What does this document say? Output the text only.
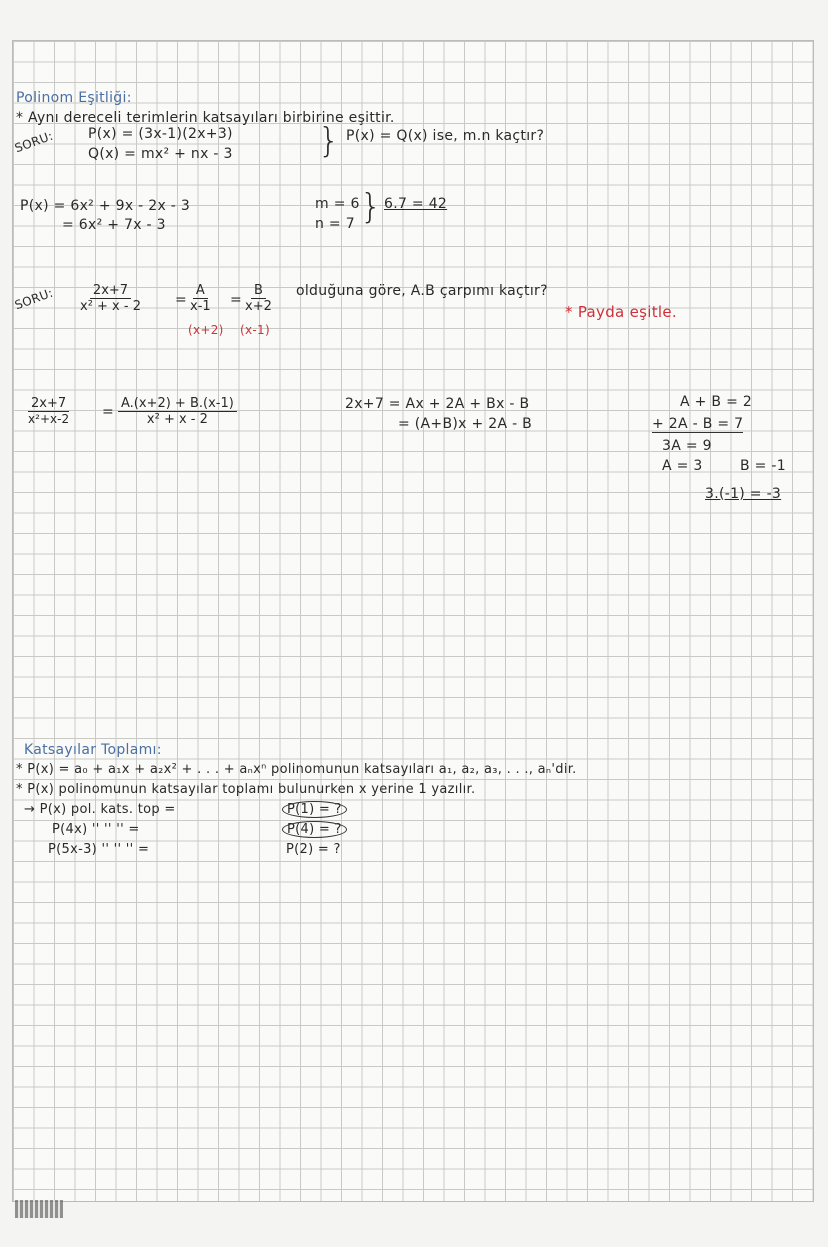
Polinom Eşitliği:
* Aynı dereceli terimlerin katsayıları birbirine eşittir.
SORU: P(x) = (3x-1)(2x+3)
Q(x) = mx² + nx - 3	} P(x) = Q(x) ise, m.n kaçtır?
P(x) = 6x² + 9x - 2x - 3
= 6x² + 7x - 3
m = 6
n = 7 } 6.7 = 42
SORU: $\frac{2x+7}{\text{x² + x - 2}} = \frac{A}{x-1} = \frac{B}{x+2}$
(x+2) (x-1)
olduğuna göre, A.B çarpımı kaçtır?
* Payda eşitle.
$\frac{2x+7}{\text{x²+x-2}} = \frac{A.(x+2) + B.(x-1)}{\text{x² + x - 2}}$	2x+7 = Ax + 2A + Bx - B
= (A+B)x + 2A - B
A + B = 2
+ 2A - B = 7
3A = 9
A = 3	B = -1
3.(-1) = -3
Katsayılar Toplamı:
* P(x) = a₀ + a₁x + a₂x² + . . . + aₙxⁿ polinomunun katsayıları a₁, a₂, a₃, . . ., aₙ'dir.
* P(x) polinomunun katsayılar toplamı bulunurken x yerine 1 yazılır.
→ P(x) pol. kats. top =	P(1) = ?
P(4x) '' '' '' =	P(4) = ?
P(5x-3) '' '' '' =	P(2) = ?
